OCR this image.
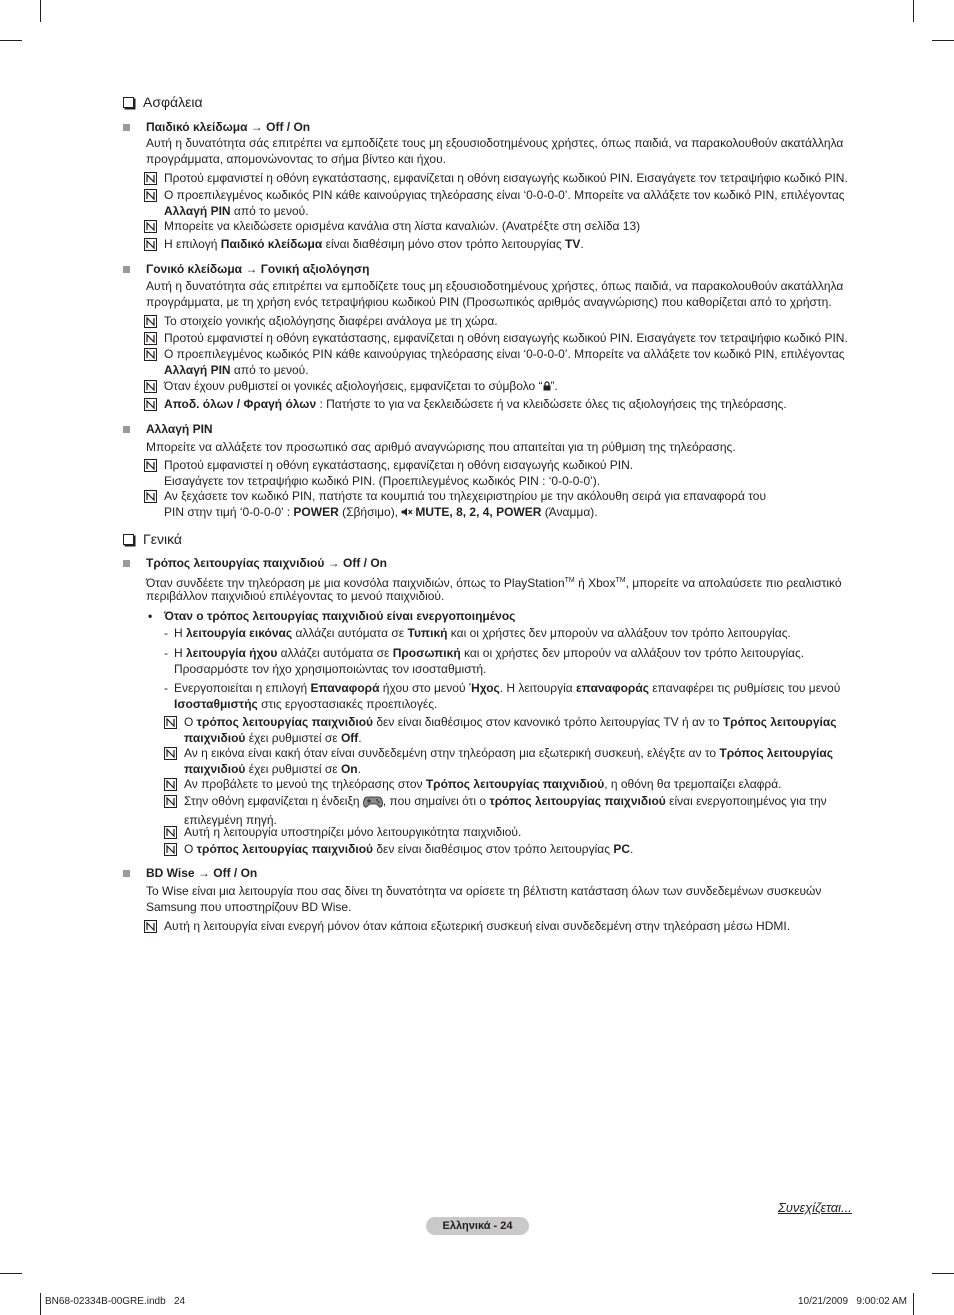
Ασφάλεια
Παιδικό κλείδωμα → Off / On
Αυτή η δυνατότητα σάς επιτρέπει να εμποδίζετε τους μη εξουσιοδοτημένους χρήστες, όπως παιδιά, να παρακολουθούν ακατάλληλα
προγράμματα, απομονώνοντας το σήμα βίντεο και ήχου.
Προτού εμφανιστεί η οθόνη εγκατάστασης, εμφανίζεται η οθόνη εισαγωγής κωδικού PIN. Εισαγάγετε τον τετραψήφιο κωδικό PIN.
Ο προεπιλεγμένος κωδικός PIN κάθε καινούργιας τηλεόρασης είναι ‘0-0-0-0’. Μπορείτε να αλλάξετε τον κωδικό PIN, επιλέγοντας
Αλλαγή PIN από το μενού.
Μπορείτε να κλειδώσετε ορισμένα κανάλια στη λίστα καναλιών. (Ανατρέξτε στη σελίδα 13)
Η επιλογή Παιδικό κλείδωμα είναι διαθέσιμη μόνο στον τρόπο λειτουργίας TV.
Γονικό κλείδωμα → Γονική αξιολόγηση
Αυτή η δυνατότητα σάς επιτρέπει να εμποδίζετε τους μη εξουσιοδοτημένους χρήστες, όπως παιδιά, να παρακολουθούν ακατάλληλα
προγράμματα, με τη χρήση ενός τετραψήφιου κωδικού PIN (Προσωπικός αριθμός αναγνώρισης) που καθορίζεται από το χρήστη.
Το στοιχείο γονικής αξιολόγησης διαφέρει ανάλογα με τη χώρα.
Προτού εμφανιστεί η οθόνη εγκατάστασης, εμφανίζεται η οθόνη εισαγωγής κωδικού PIN. Εισαγάγετε τον τετραψήφιο κωδικό PIN.
Ο προεπιλεγμένος κωδικός PIN κάθε καινούργιας τηλεόρασης είναι ‘0-0-0-0’. Μπορείτε να αλλάξετε τον κωδικό PIN, επιλέγοντας
Αλλαγή PIN από το μενού.
Όταν έχουν ρυθμιστεί οι γονικές αξιολογήσεις, εμφανίζεται το σύμβολο “ ”.
Αποδ. όλων / Φραγή όλων : Πατήστε το για να ξεκλειδώσετε ή να κλειδώσετε όλες τις αξιολογήσεις της τηλεόρασης.
Αλλαγή PIN
Μπορείτε να αλλάξετε τον προσωπικό σας αριθμό αναγνώρισης που απαιτείται για τη ρύθμιση της τηλεόρασης.
Προτού εμφανιστεί η οθόνη εγκατάστασης, εμφανίζεται η οθόνη εισαγωγής κωδικού PIN.
Εισαγάγετε τον τετραψήφιο κωδικό PIN. (Προεπιλεγμένος κωδικός PIN : ‘0-0-0-0’).
Αν ξεχάσετε τον κωδικό PIN, πατήστε τα κουμπιά του τηλεχειριστηρίου με την ακόλουθη σειρά για επαναφορά του
PIN στην τιμή ‘0-0-0-0’ : POWER (Σβήσιμο), MUTE, 8, 2, 4, POWER (Άναμμα).
Γενικά
Τρόπος λειτουργίας παιχνιδιού → Off / On
Όταν συνδέετε την τηλεόραση με μια κονσόλα παιχνιδιών, όπως το PlayStation™ ή Xbox™, μπορείτε να απολαύσετε πιο ρεαλιστικό
περιβάλλον παιχνιδιού επιλέγοντας το μενού παιχνιδιού.
• Όταν ο τρόπος λειτουργίας παιχνιδιού είναι ενεργοποιημένος
- Η λειτουργία εικόνας αλλάζει αυτόματα σε Τυπική και οι χρήστες δεν μπορούν να αλλάξουν τον τρόπο λειτουργίας.
- Η λειτουργία ήχου αλλάζει αυτόματα σε Προσωπική και οι χρήστες δεν μπορούν να αλλάξουν τον τρόπο λειτουργίας.
Προσαρμόστε τον ήχο χρησιμοποιώντας τον ισοσταθμιστή.
- Ενεργοποιείται η επιλογή Επαναφορά ήχου στο μενού Ήχος. Η λειτουργία επαναφοράς επαναφέρει τις ρυθμίσεις του μενού
Ισοσταθμιστής στις εργοστασιακές προεπιλογές.
Ο τρόπος λειτουργίας παιχνιδιού δεν είναι διαθέσιμος στον κανονικό τρόπο λειτουργίας TV ή αν το Τρόπος λειτουργίας
παιχνιδιού έχει ρυθμιστεί σε Off.
Αν η εικόνα είναι κακή όταν είναι συνδεδεμένη στην τηλεόραση μια εξωτερική συσκευή, ελέγξτε αν το Τρόπος λειτουργίας
παιχνιδιού έχει ρυθμιστεί σε On.
Αν προβάλετε το μενού της τηλεόρασης στον Τρόπος λειτουργίας παιχνιδιού, η οθόνη θα τρεμοπαίζει ελαφρά.
Στην οθόνη εμφανίζεται η ένδειξη , που σημαίνει ότι ο τρόπος λειτουργίας παιχνιδιού είναι ενεργοποιημένος για την
επιλεγμένη πηγή.
Αυτή η λειτουργία υποστηρίζει μόνο λειτουργικότητα παιχνιδιού.
Ο τρόπος λειτουργίας παιχνιδιού δεν είναι διαθέσιμος στον τρόπο λειτουργίας PC.
BD Wise → Off / On
Το Wise είναι μια λειτουργία που σας δίνει τη δυνατότητα να ορίσετε τη βέλτιστη κατάσταση όλων των συνδεδεμένων συσκευών
Samsung που υποστηρίζουν BD Wise.
Αυτή η λειτουργία είναι ενεργή μόνον όταν κάποια εξωτερική συσκευή είναι συνδεδεμένη στην τηλεόραση μέσω HDMI.
Συνεχίζεται...
Ελληνικά - 24
BN68-02334B-00GRE.indb   24	10/21/2009   9:00:02 AM
